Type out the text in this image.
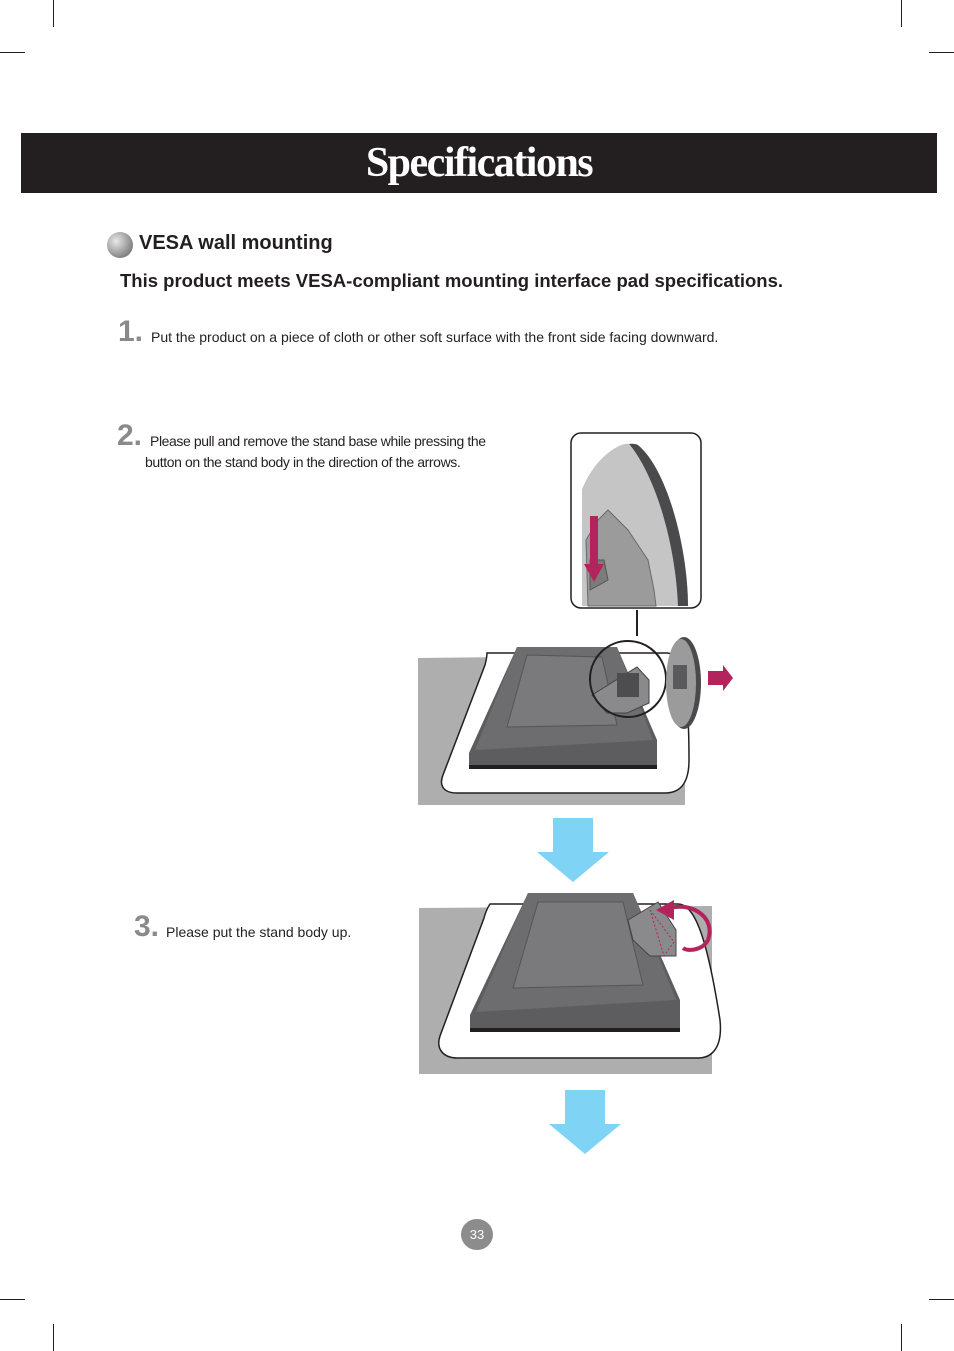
Specifications
VESA wall mounting
This product meets VESA-compliant mounting interface pad specifications.
1. Put the product on a piece of cloth or other soft surface with the front side facing downward.
2. Please pull and remove the stand base while pressing the
button on the stand body in the direction of the arrows.
3. Please put the stand body up.
33
